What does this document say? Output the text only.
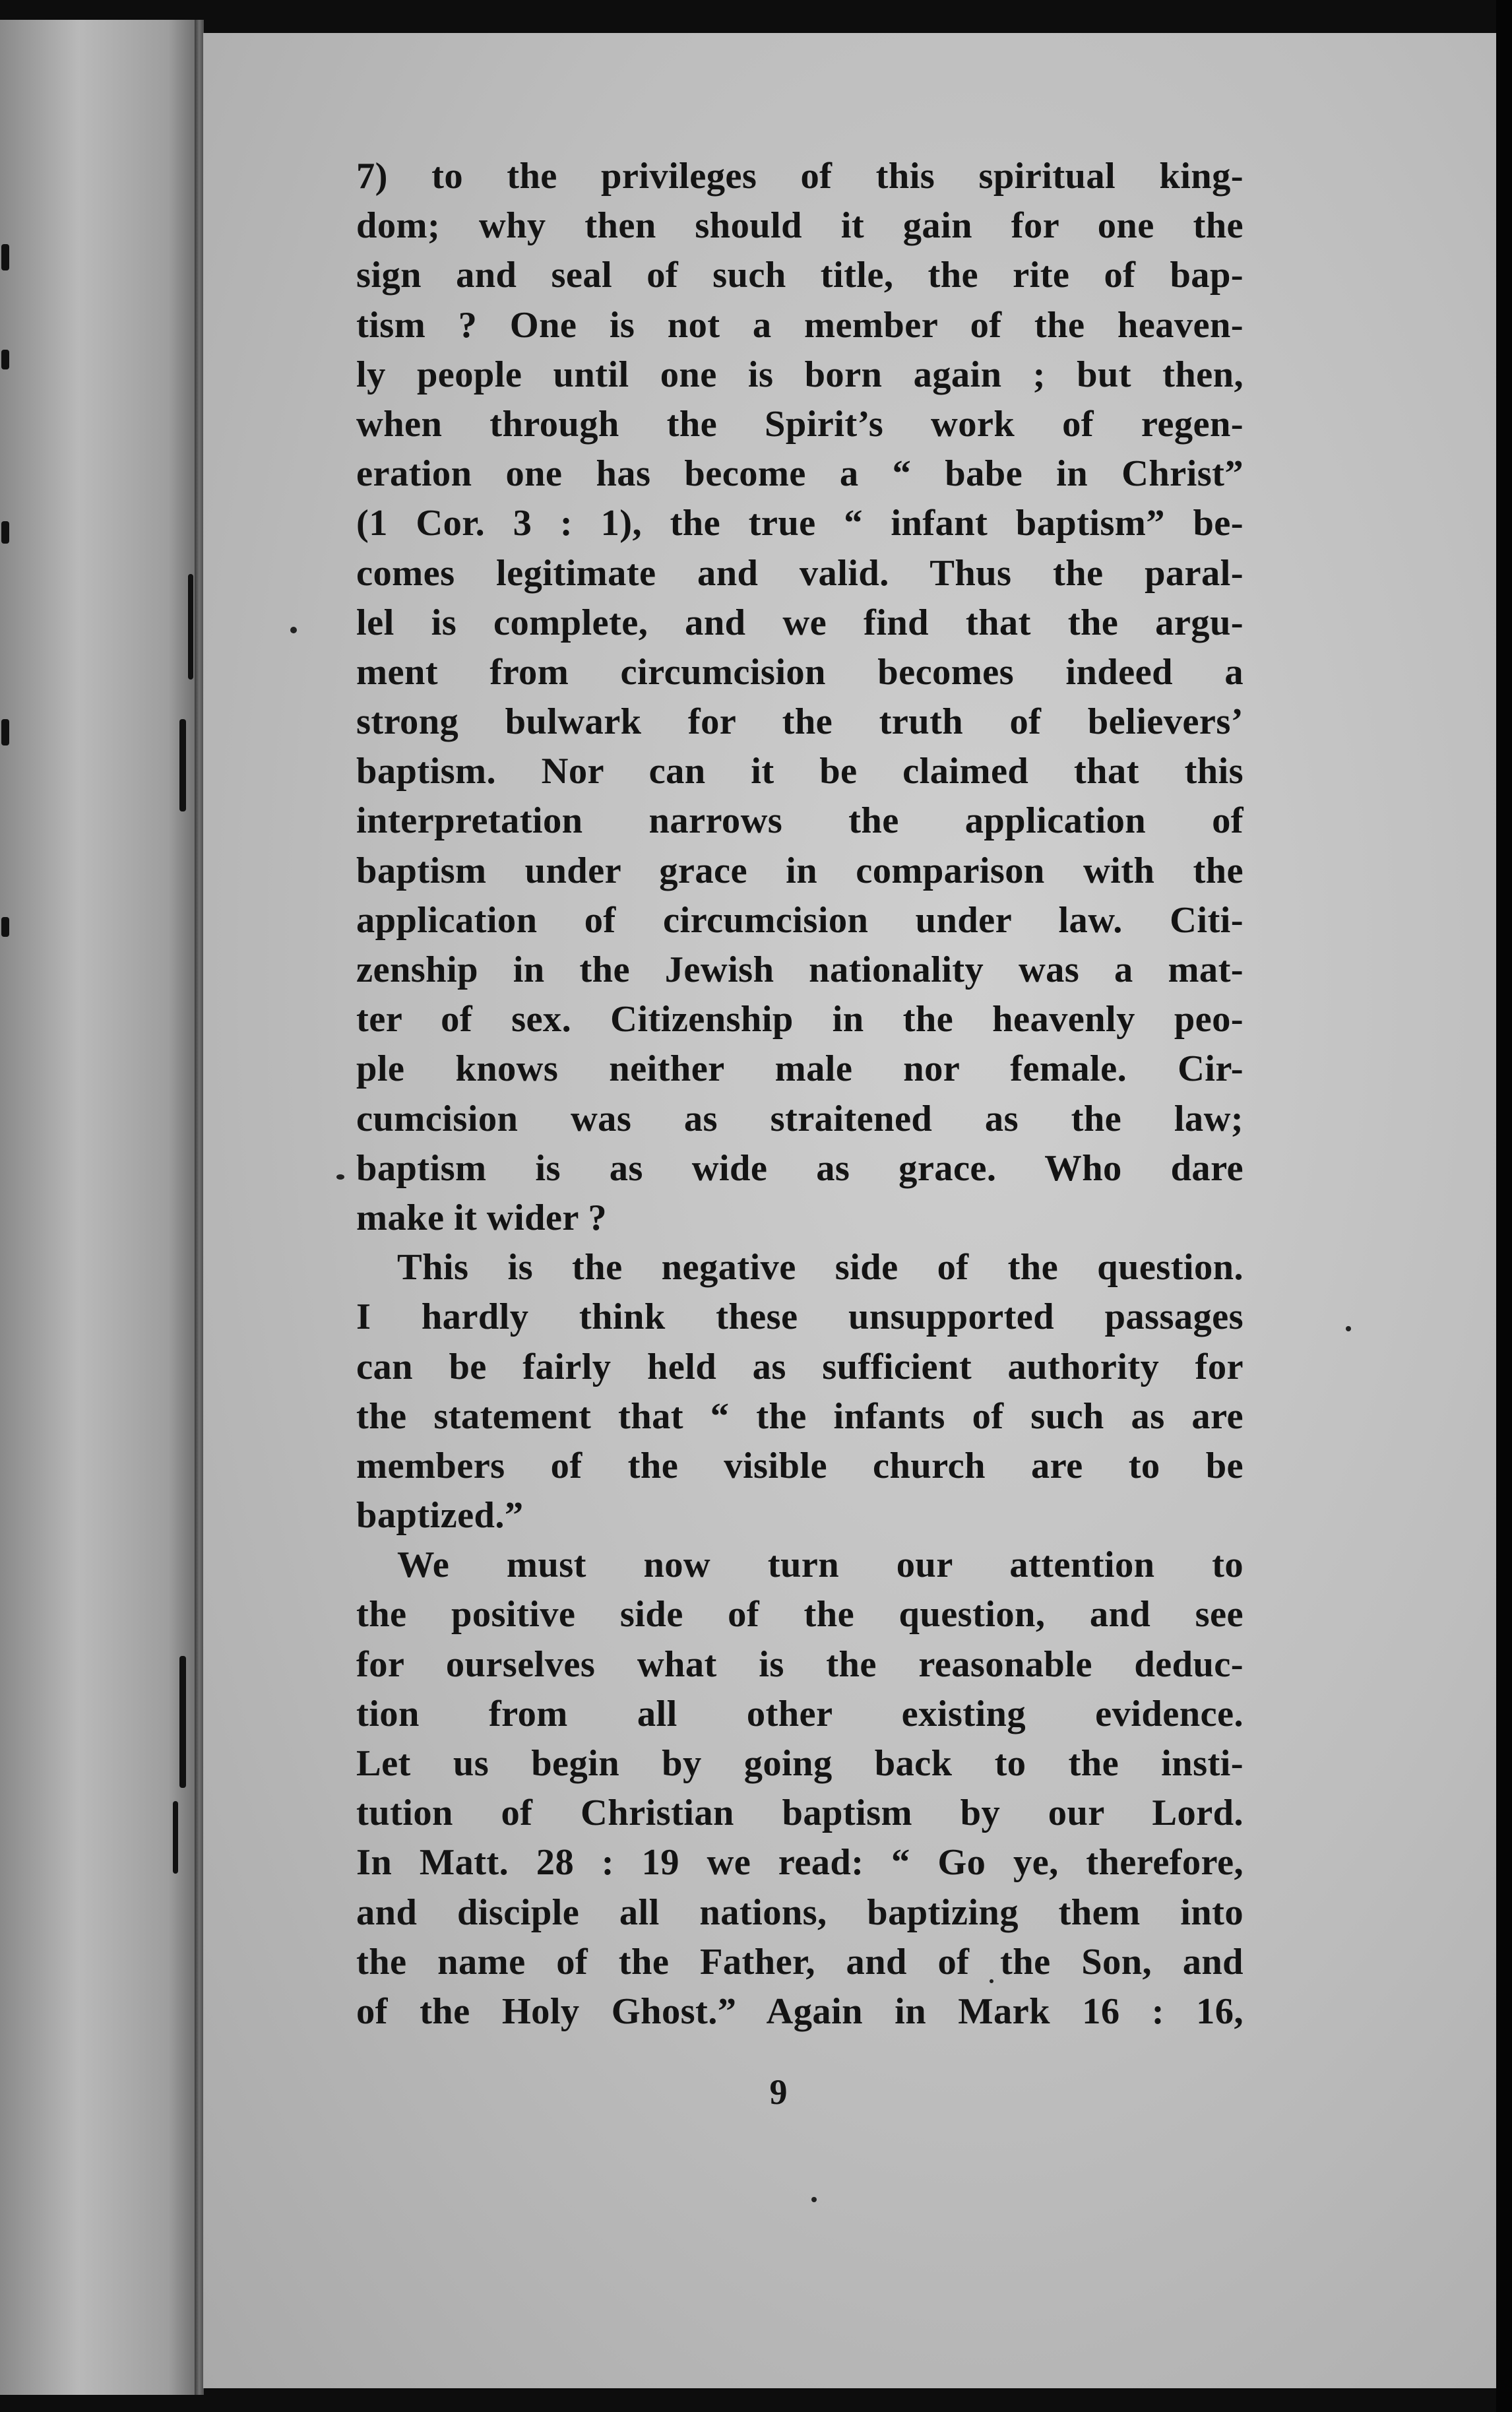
7) to the privileges of this spiritual king-
dom; why then should it gain for one the
sign and seal of such title, the rite of bap-
tism ? One is not a member of the heaven-
ly people until one is born again ; but then,
when through the Spirit’s work of regen-
eration one has become a “ babe in Christ”
(1 Cor. 3 : 1), the true “ infant baptism” be-
comes legitimate and valid. Thus the paral-
lel is complete, and we find that the argu-
ment from circumcision becomes indeed a
strong bulwark for the truth of believers’
baptism. Nor can it be claimed that this
interpretation narrows the application of
baptism under grace in comparison with the
application of circumcision under law. Citi-
zenship in the Jewish nationality was a mat-
ter of sex. Citizenship in the heavenly peo-
ple knows neither male nor female. Cir-
cumcision was as straitened as the law;
baptism is as wide as grace. Who dare
make it wider ?
This is the negative side of the question.
I hardly think these unsupported passages
can be fairly held as sufficient authority for
the statement that “ the infants of such as are
members of the visible church are to be
baptized.”
We must now turn our attention to
the positive side of the question, and see
for ourselves what is the reasonable deduc-
tion from all other existing evidence.
Let us begin by going back to the insti-
tution of Christian baptism by our Lord.
In Matt. 28 : 19 we read: “ Go ye, therefore,
and disciple all nations, baptizing them into
the name of the Father, and of the Son, and
of the Holy Ghost.” Again in Mark 16 : 16,
9
